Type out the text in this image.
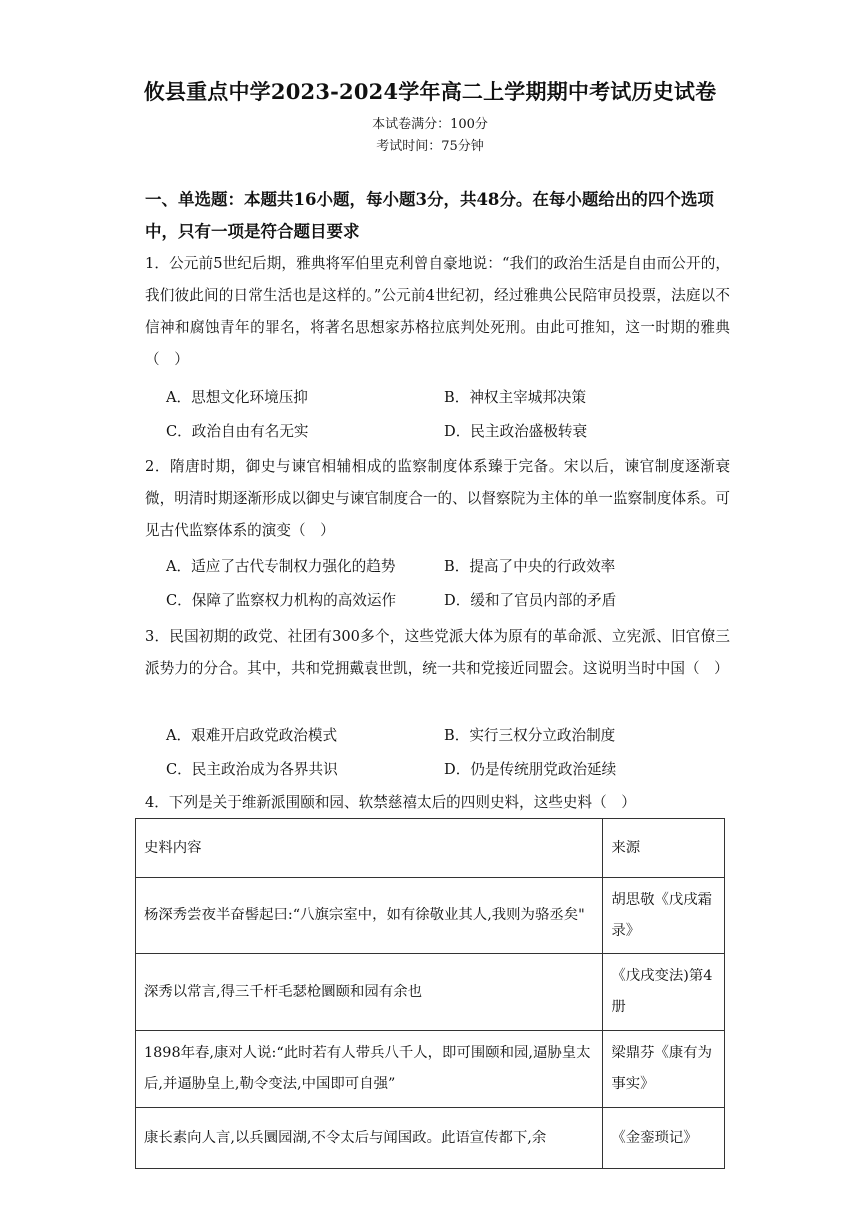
攸县重点中学2023-2024学年高二上学期期中考试历史试卷
本试卷满分：100分
考试时间：75分钟
一、单选题：本题共16小题，每小题3分，共48分。在每小题给出的四个选项中，只有一项是符合题目要求
1．公元前5世纪后期，雅典将军伯里克利曾自豪地说：“我们的政治生活是自由而公开的，我们彼此间的日常生活也是这样的。”公元前4世纪初，经过雅典公民陪审员投票，法庭以不信神和腐蚀青年的罪名，将著名思想家苏格拉底判处死刑。由此可推知，这一时期的雅典 （　）
A．思想文化环境压抑	B．神权主宰城邦决策
C．政治自由有名无实	D．民主政治盛极转衰
2．隋唐时期，御史与谏官相辅相成的监察制度体系臻于完备。宋以后，谏官制度逐渐衰微，明清时期逐渐形成以御史与谏官制度合一的、以督察院为主体的单一监察制度体系。可见古代监察体系的演变（　）
A．适应了古代专制权力强化的趋势	B．提高了中央的行政效率
C．保障了监察权力机构的高效运作	D．缓和了官员内部的矛盾
3．民国初期的政党、社团有300多个，这些党派大体为原有的革命派、立宪派、旧官僚三派势力的分合。其中，共和党拥戴袁世凯，统一共和党接近同盟会。这说明当时中国（　）
A．艰难开启政党政治模式	B．实行三权分立政治制度
C．民主政治成为各界共识	D．仍是传统朋党政治延续
4．下列是关于维新派围颐和园、软禁慈禧太后的四则史料，这些史料（　）
史料内容	来源
杨深秀尝夜半奋髻起曰:“八旗宗室中，如有徐敬业其人,我则为骆丞矣"	胡思敬《戊戌霜录》
深秀以常言,得三千杆毛瑟枪圜颐和园有余也	《戊戌变法)第4册
1898年春,康对人说:“此时若有人带兵八千人，即可围颐和园,逼胁皇太后,并逼胁皇上,勒令变法,中国即可自强”	梁鼎芬《康有为事实》
康长素向人言,以兵圜园湖,不令太后与闻国政。此语宣传都下,余	《金銮琐记》
